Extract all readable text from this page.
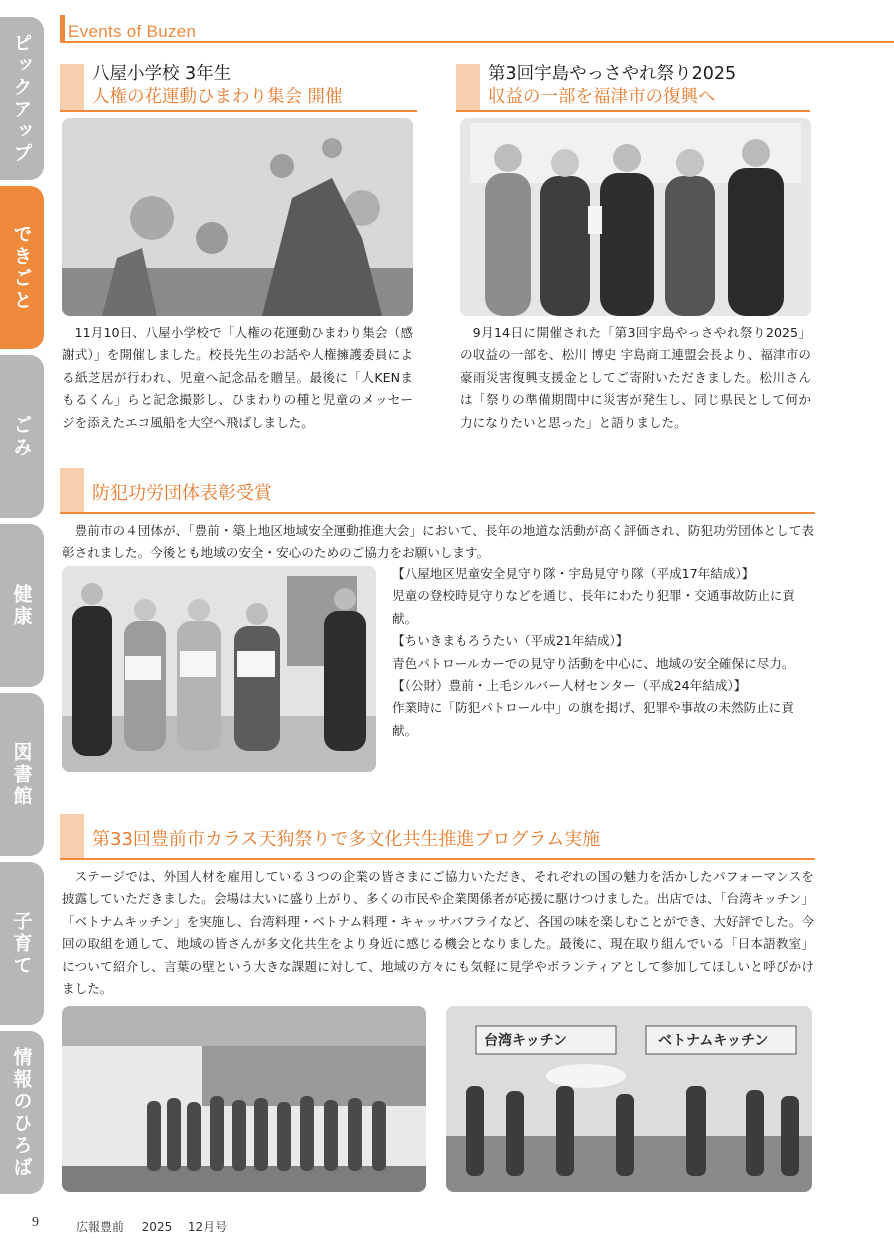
Events of Buzen
ピックアップ
できごと
ごみ
健康
図書館
子育て
情報のひろば
八屋小学校 3年生
人権の花運動ひまわり集会 開催

11月10日、八屋小学校で「人権の花運動ひまわり集会（感謝式）」を開催しました。校長先生のお話や人権擁護委員による紙芝居が行われ、児童へ記念品を贈呈。最後に「人KENまもるくん」らと記念撮影し、ひまわりの種と児童のメッセージを添えたエコ風船を大空へ飛ばしました。

第3回宇島やっさやれ祭り2025
収益の一部を福津市の復興へ

9月14日に開催された「第3回宇島やっさやれ祭り2025」の収益の一部を、松川 博史 宇島商工連盟会長より、福津市の豪雨災害復興支援金としてご寄附いただきました。松川さんは「祭りの準備期間中に災害が発生し、同じ県民として何か力になりたいと思った」と語りました。

防犯功労団体表彰受賞

豊前市の４団体が、「豊前・築上地区地域安全運動推進大会」において、長年の地道な活動が高く評価され、防犯功労団体として表彰されました。今後とも地域の安全・安心のためのご協力をお願いします。

【八屋地区児童安全見守り隊・宇島見守り隊（平成17年結成）】
児童の登校時見守りなどを通じ、長年にわたり犯罪・交通事故防止に貢献。
【ちいきまもろうたい（平成21年結成）】
青色パトロールカーでの見守り活動を中心に、地域の安全確保に尽力。
【（公財）豊前・上毛シルバー人材センター（平成24年結成）】
作業時に「防犯パトロール中」の旗を掲げ、犯罪や事故の未然防止に貢献。
第33回豊前市カラス天狗祭りで多文化共生推進プログラム実施

ステージでは、外国人材を雇用している３つの企業の皆さまにご協力いただき、それぞれの国の魅力を活かしたパフォーマンスを披露していただきました。会場は大いに盛り上がり、多くの市民や企業関係者が応援に駆けつけました。出店では、「台湾キッチン」「ベトナムキッチン」を実施し、台湾料理・ベトナム料理・キャッサバフライなど、各国の味を楽しむことができ、大好評でした。今回の取組を通して、地域の皆さんが多文化共生をより身近に感じる機会となりました。最後に、現在取り組んでいる「日本語教室」について紹介し、言葉の壁という大きな課題に対して、地域の方々にも気軽に見学やボランティアとして参加してほしいと呼びかけました。

台湾キッチン	ベトナムキッチン
9	広報豊前 2025 12月号
